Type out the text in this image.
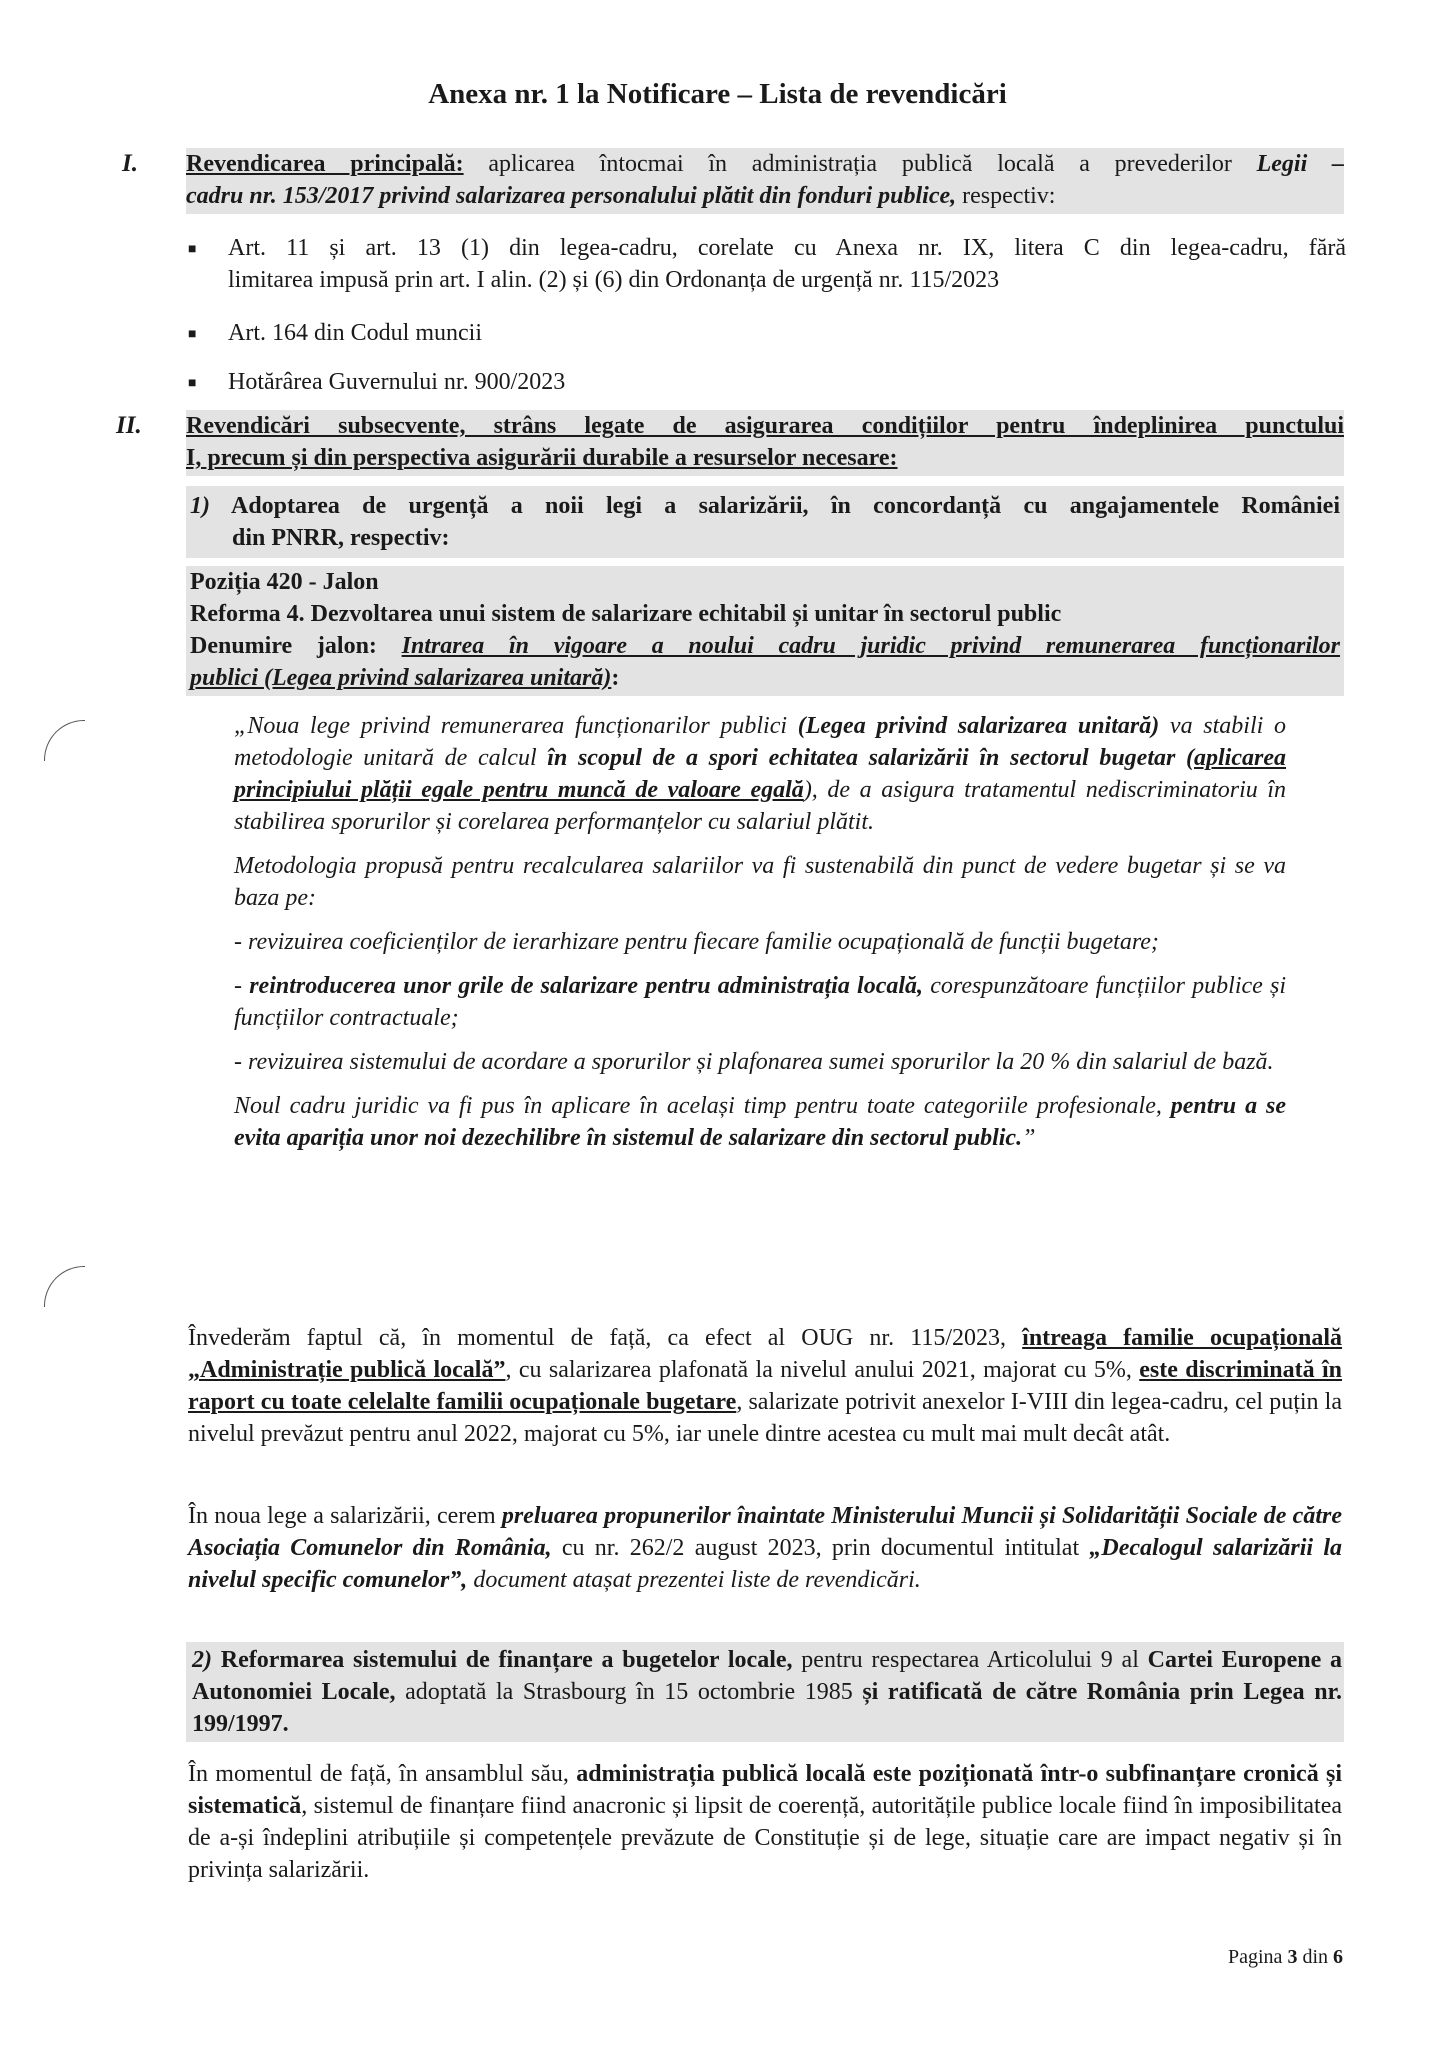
Anexa nr. 1 la Notificare – Lista de revendicări
I. Revendicarea principală: aplicarea întocmai în administrația publică locală a prevederilor Legii –
cadru nr. 153/2017 privind salarizarea personalului plătit din fonduri publice, respectiv:
■ Art. 11 și art. 13 (1) din legea-cadru, corelate cu Anexa nr. IX, litera C din legea-cadru, fără
limitarea impusă prin art. I alin. (2) și (6) din Ordonanța de urgență nr. 115/2023
■ Art. 164 din Codul muncii
■ Hotărârea Guvernului nr. 900/2023
II. Revendicări subsecvente, strâns legate de asigurarea condițiilor pentru îndeplinirea punctului
I, precum și din perspectiva asigurării durabile a resurselor necesare:
1) Adoptarea de urgență a noii legi a salarizării, în concordanță cu angajamentele României
din PNRR, respectiv:
Poziția 420 - Jalon
Reforma 4. Dezvoltarea unui sistem de salarizare echitabil și unitar în sectorul public
Denumire jalon: Intrarea în vigoare a noului cadru juridic privind remunerarea funcționarilor
publici (Legea privind salarizarea unitară):

„Noua lege privind remunerarea funcționarilor publici (Legea privind salarizarea unitară) va stabili o metodologie unitară de calcul în scopul de a spori echitatea salarizării în sectorul bugetar (aplicarea principiului plății egale pentru muncă de valoare egală), de a asigura tratamentul nediscriminatoriu în stabilirea sporurilor și corelarea performanțelor cu salariul plătit.

Metodologia propusă pentru recalcularea salariilor va fi sustenabilă din punct de vedere bugetar și se va baza pe:

- revizuirea coeficienților de ierarhizare pentru fiecare familie ocupațională de funcții bugetare;

- reintroducerea unor grile de salarizare pentru administrația locală, corespunzătoare funcțiilor publice și funcțiilor contractuale;

- revizuirea sistemului de acordare a sporurilor și plafonarea sumei sporurilor la 20 % din salariul de bază.

Noul cadru juridic va fi pus în aplicare în același timp pentru toate categoriile profesionale, pentru a se evita apariția unor noi dezechilibre în sistemul de salarizare din sectorul public.”

Învederăm faptul că, în momentul de față, ca efect al OUG nr. 115/2023, întreaga familie ocupațională „Administrație publică locală”, cu salarizarea plafonată la nivelul anului 2021, majorat cu 5%, este discriminată în raport cu toate celelalte familii ocupaționale bugetare, salarizate potrivit anexelor I-VIII din legea-cadru, cel puțin la nivelul prevăzut pentru anul 2022, majorat cu 5%, iar unele dintre acestea cu mult mai mult decât atât.
În noua lege a salarizării, cerem preluarea propunerilor înaintate Ministerului Muncii și Solidarității Sociale de către Asociația Comunelor din România, cu nr. 262/2 august 2023, prin documentul intitulat „Decalogul salarizării la nivelul specific comunelor”, document atașat prezentei liste de revendicări.
2) Reformarea sistemului de finanțare a bugetelor locale, pentru respectarea Articolului 9 al Cartei Europene a Autonomiei Locale, adoptată la Strasbourg în 15 octombrie 1985 și ratificată de către România prin Legea nr. 199/1997.
În momentul de față, în ansamblul său, administrația publică locală este poziționată într-o subfinanțare cronică și sistematică, sistemul de finanțare fiind anacronic și lipsit de coerență, autoritățile publice locale fiind în imposibilitatea de a-și îndeplini atribuțiile și competențele prevăzute de Constituție și de lege, situație care are impact negativ și în privința salarizării.
Pagina 3 din 6
